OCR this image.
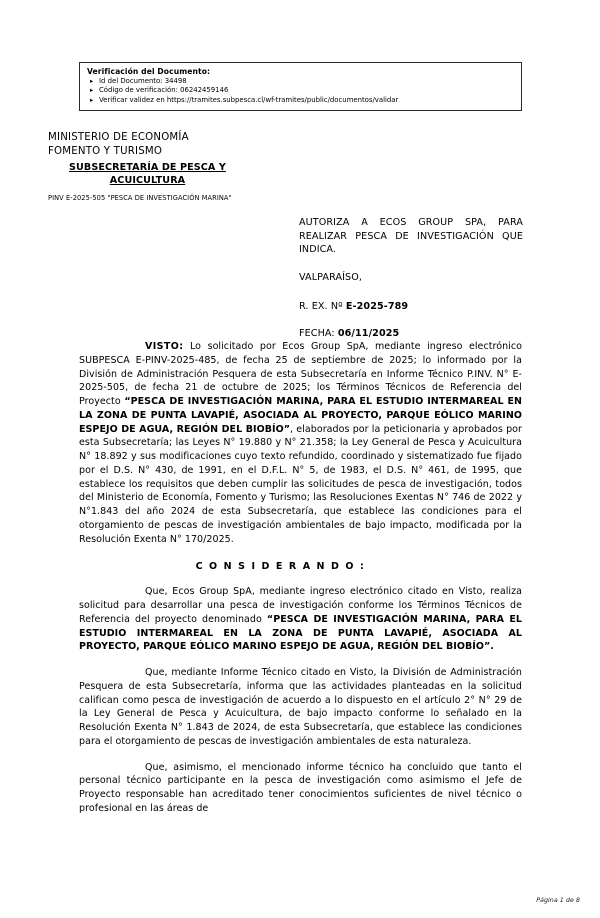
Verificación del Documento:
▸ Id del Documento: 34498
▸ Código de verificación: 06242459146
▸ Verificar validez en https://tramites.subpesca.cl/wf-tramites/public/documentos/validar
MINISTERIO DE ECONOMÍA
FOMENTO Y TURISMO
SUBSECRETARÍA DE PESCA Y
ACUICULTURA
PINV E-2025-505 "PESCA DE INVESTIGACIÓN MARINA"
AUTORIZA A ECOS GROUP SPA, PARA REALIZAR PESCA DE INVESTIGACIÓN QUE INDICA.
VALPARAÍSO,
R. EX. Nº E-2025-789
FECHA: 06/11/2025

VISTO: Lo solicitado por Ecos Group SpA, mediante ingreso electrónico SUBPESCA E-PINV-2025-485, de fecha 25 de septiembre de 2025; lo informado por la División de Administración Pesquera de esta Subsecretaría en Informe Técnico P.INV. N° E-2025-505, de fecha 21 de octubre de 2025; los Términos Técnicos de Referencia del Proyecto “PESCA DE INVESTIGACIÓN MARINA, PARA EL ESTUDIO INTERMAREAL EN LA ZONA DE PUNTA LAVAPIÉ, ASOCIADA AL PROYECTO, PARQUE EÓLICO MARINO ESPEJO DE AGUA, REGIÓN DEL BIOBÍO”, elaborados por la peticionaria y aprobados por esta Subsecretaría; las Leyes N° 19.880 y N° 21.358; la Ley General de Pesca y Acuicultura N° 18.892 y sus modificaciones cuyo texto refundido, coordinado y sistematizado fue fijado por el D.S. N° 430, de 1991, en el D.F.L. N° 5, de 1983, el D.S. N° 461, de 1995, que establece los requisitos que deben cumplir las solicitudes de pesca de investigación, todos del Ministerio de Economía, Fomento y Turismo; las Resoluciones Exentas N° 746 de 2022 y N°1.843 del año 2024 de esta Subsecretaría, que establece las condiciones para el otorgamiento de pescas de investigación ambientales de bajo impacto, modificada por la Resolución Exenta N° 170/2025.

C O N S I D E R A N D O :

Que, Ecos Group SpA, mediante ingreso electrónico citado en Visto, realiza solicitud para desarrollar una pesca de investigación conforme los Términos Técnicos de Referencia del proyecto denominado “PESCA DE INVESTIGACIÓN MARINA, PARA EL ESTUDIO INTERMAREAL EN LA ZONA DE PUNTA LAVAPIÉ, ASOCIADA AL PROYECTO, PARQUE EÓLICO MARINO ESPEJO DE AGUA, REGIÓN DEL BIOBÍO”.

Que, mediante Informe Técnico citado en Visto, la División de Administración Pesquera de esta Subsecretaría, informa que las actividades planteadas en la solicitud califican como pesca de investigación de acuerdo a lo dispuesto en el artículo 2° N° 29 de la Ley General de Pesca y Acuicultura, de bajo impacto conforme lo señalado en la Resolución Exenta N° 1.843 de 2024, de esta Subsecretaría, que establece las condiciones para el otorgamiento de pescas de investigación ambientales de esta naturaleza.

Que, asimismo, el mencionado informe técnico ha concluido que tanto el personal técnico participante en la pesca de investigación como asimismo el Jefe de Proyecto responsable han acreditado tener conocimientos suficientes de nivel técnico o profesional en las áreas de

Página 1 de 8
